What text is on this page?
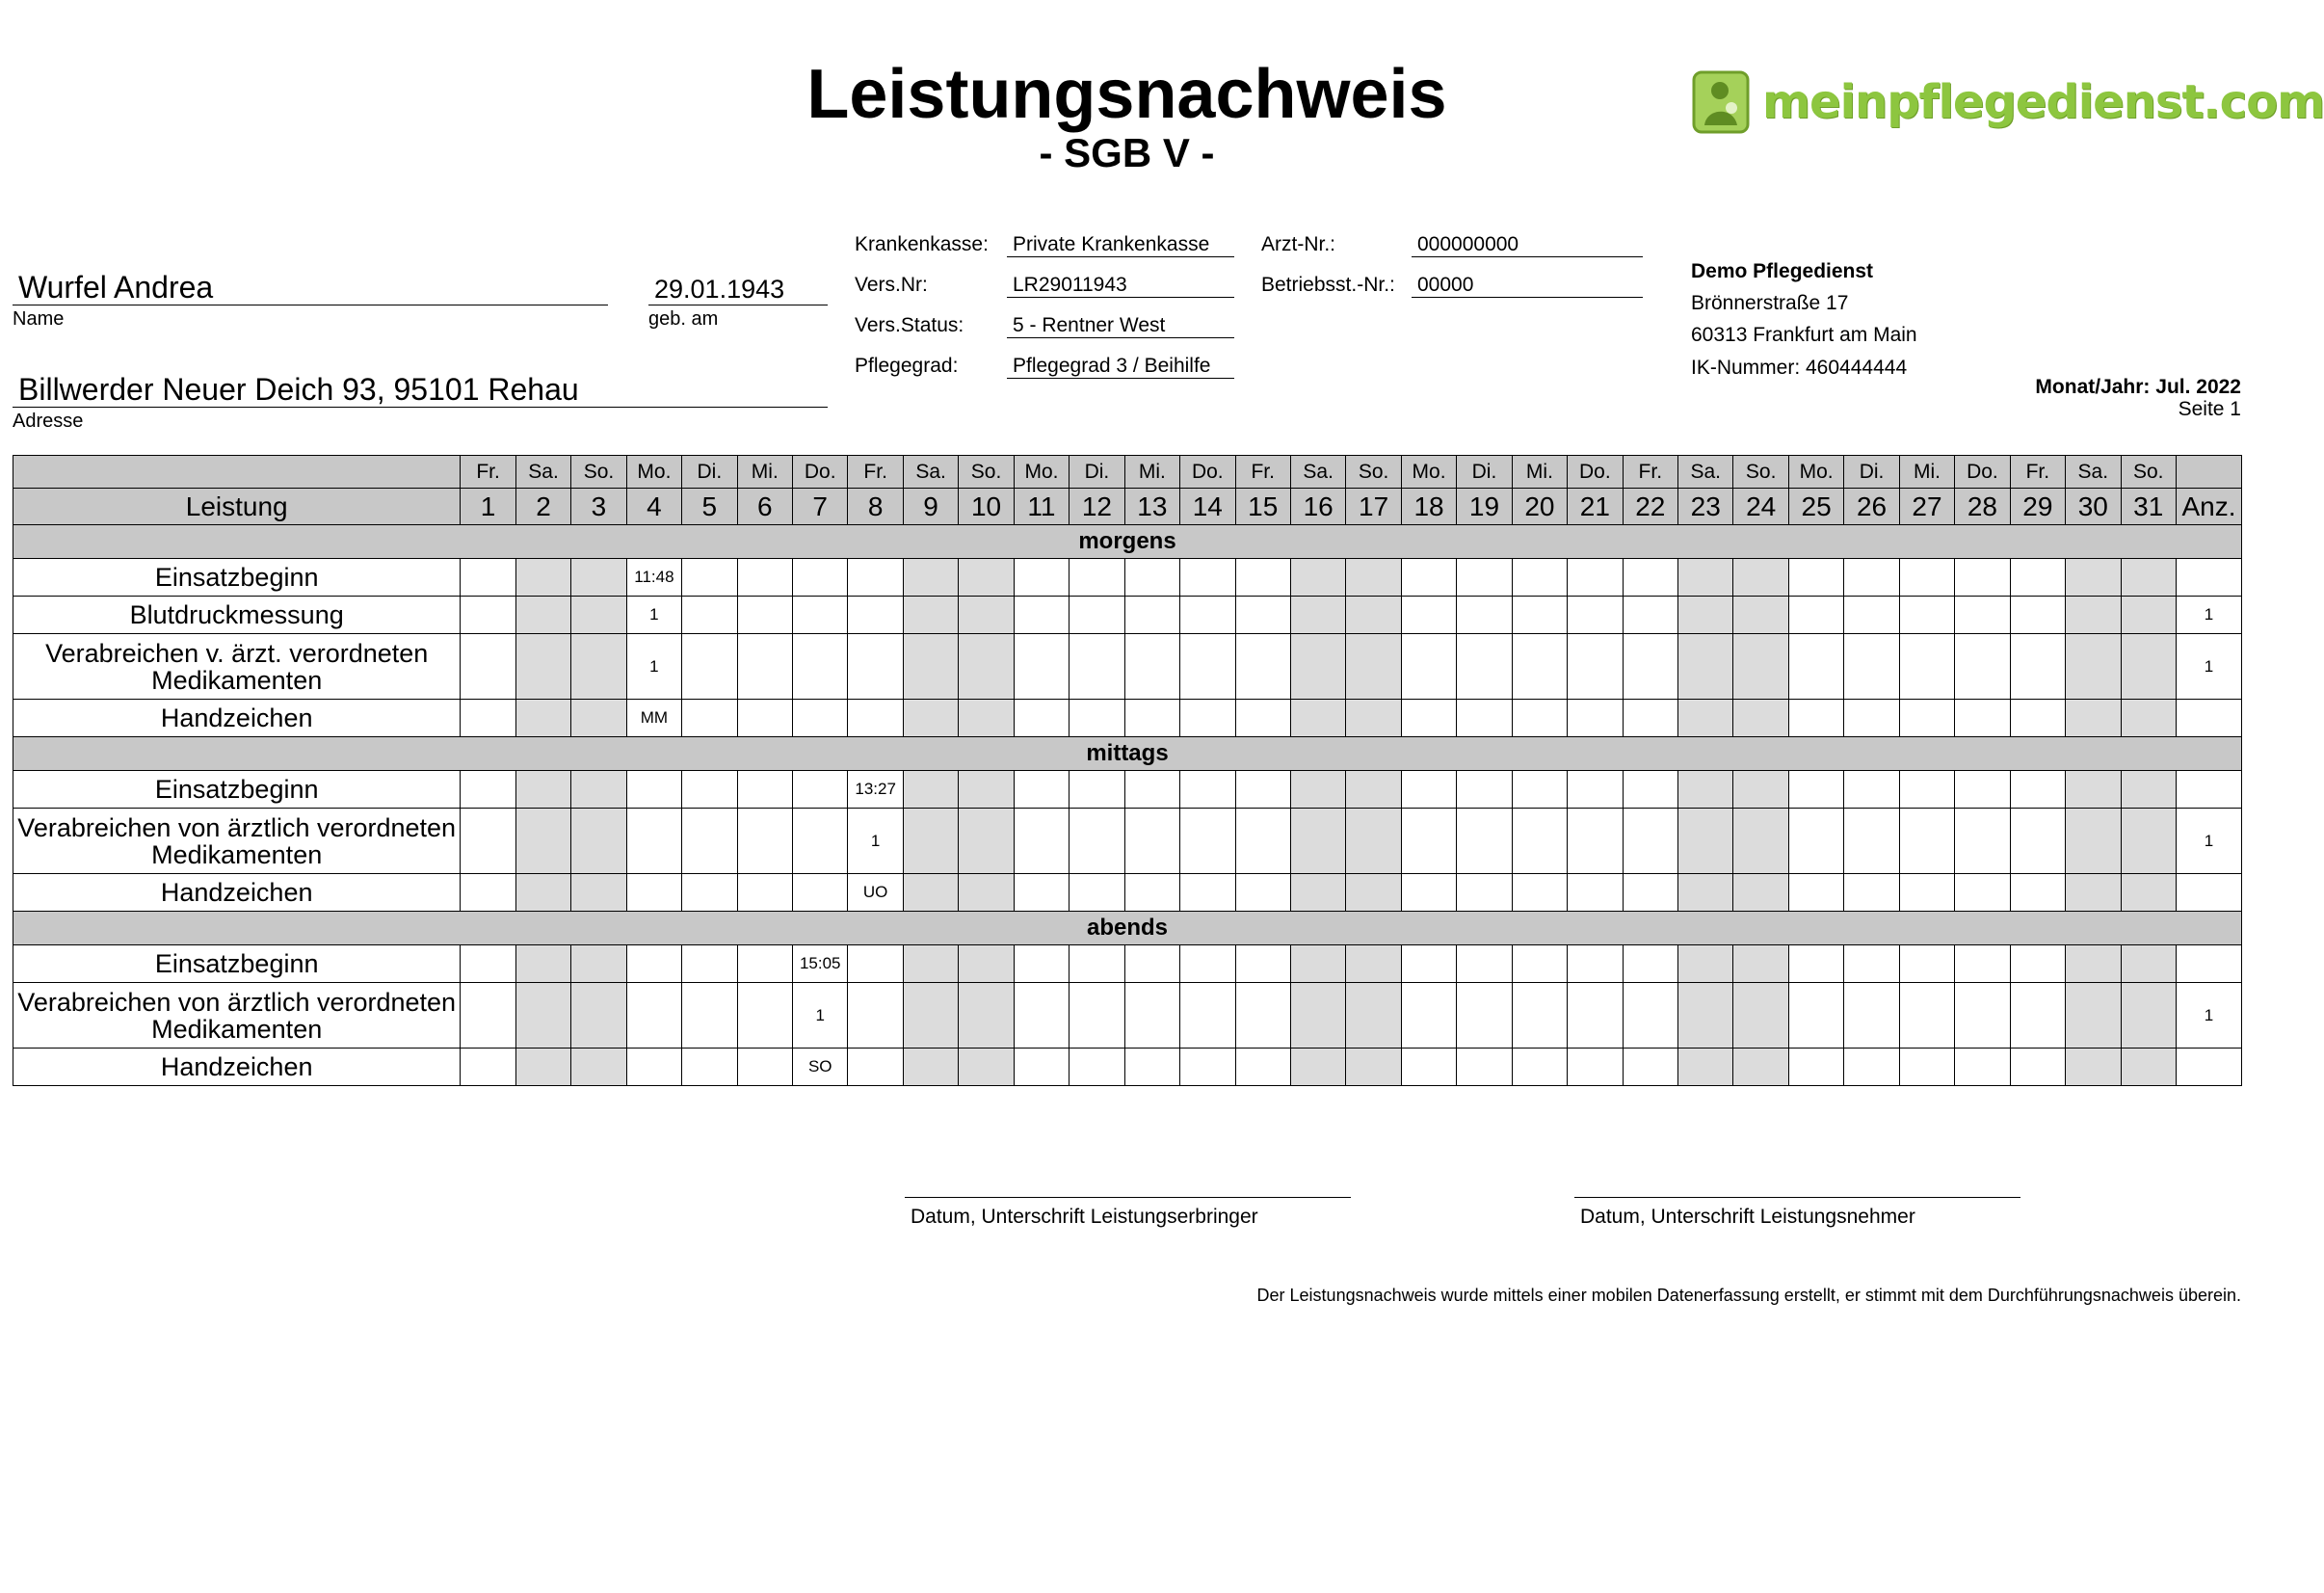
Leistungsnachweis
- SGB V -
meinpflegedienst.com
Wurfel Andrea
Name
29.01.1943
geb. am
Billwerder Neuer Deich 93, 95101 Rehau
Adresse
Krankenkasse: Private Krankenkasse
Vers.Nr:	LR29011943
Vers.Status: 5 - Rentner West
Pflegegrad:	Pflegegrad 3 / Beihilfe
Arzt-Nr.:	000000000
Betriebsst.-Nr.: 00000
Demo Pflegedienst
Brönnerstraße 17
60313 Frankfurt am Main
IK-Nummer: 460444444
Monat/Jahr: Jul. 2022
Seite 1
	Fr.	Sa.	So.	Mo.	Di.	Mi.	Do.	Fr.	Sa.	So.	Mo.	Di.	Mi.	Do.	Fr.	Sa.	So.	Mo.	Di.	Mi.	Do.	Fr.	Sa.	So.	Mo.	Di.	Mi.	Do.	Fr.	Sa.	So.	
Leistung	1	2	3	4	5	6	7	8	9	10	11	12	13	14	15	16	17	18	19	20	21	22	23	24	25	26	27	28	29	30	31	Anz.
morgens																																
Einsatzbeginn				11:48																												
Blutdruckmessung				1																												1
Verabreichen v. ärzt. verordneten Medikamenten				1																												1
Handzeichen				MM																												
mittags																																
Einsatzbeginn								13:27																								
Verabreichen von ärztlich verordneten Medikamenten								1																								1
Handzeichen								UO																								
abends																																
Einsatzbeginn							15:05																									
Verabreichen von ärztlich verordneten Medikamenten							1																									1
Handzeichen							SO																									
Datum, Unterschrift Leistungserbringer	Datum, Unterschrift Leistungsnehmer
Der Leistungsnachweis wurde mittels einer mobilen Datenerfassung erstellt, er stimmt mit dem Durchführungsnachweis überein.
